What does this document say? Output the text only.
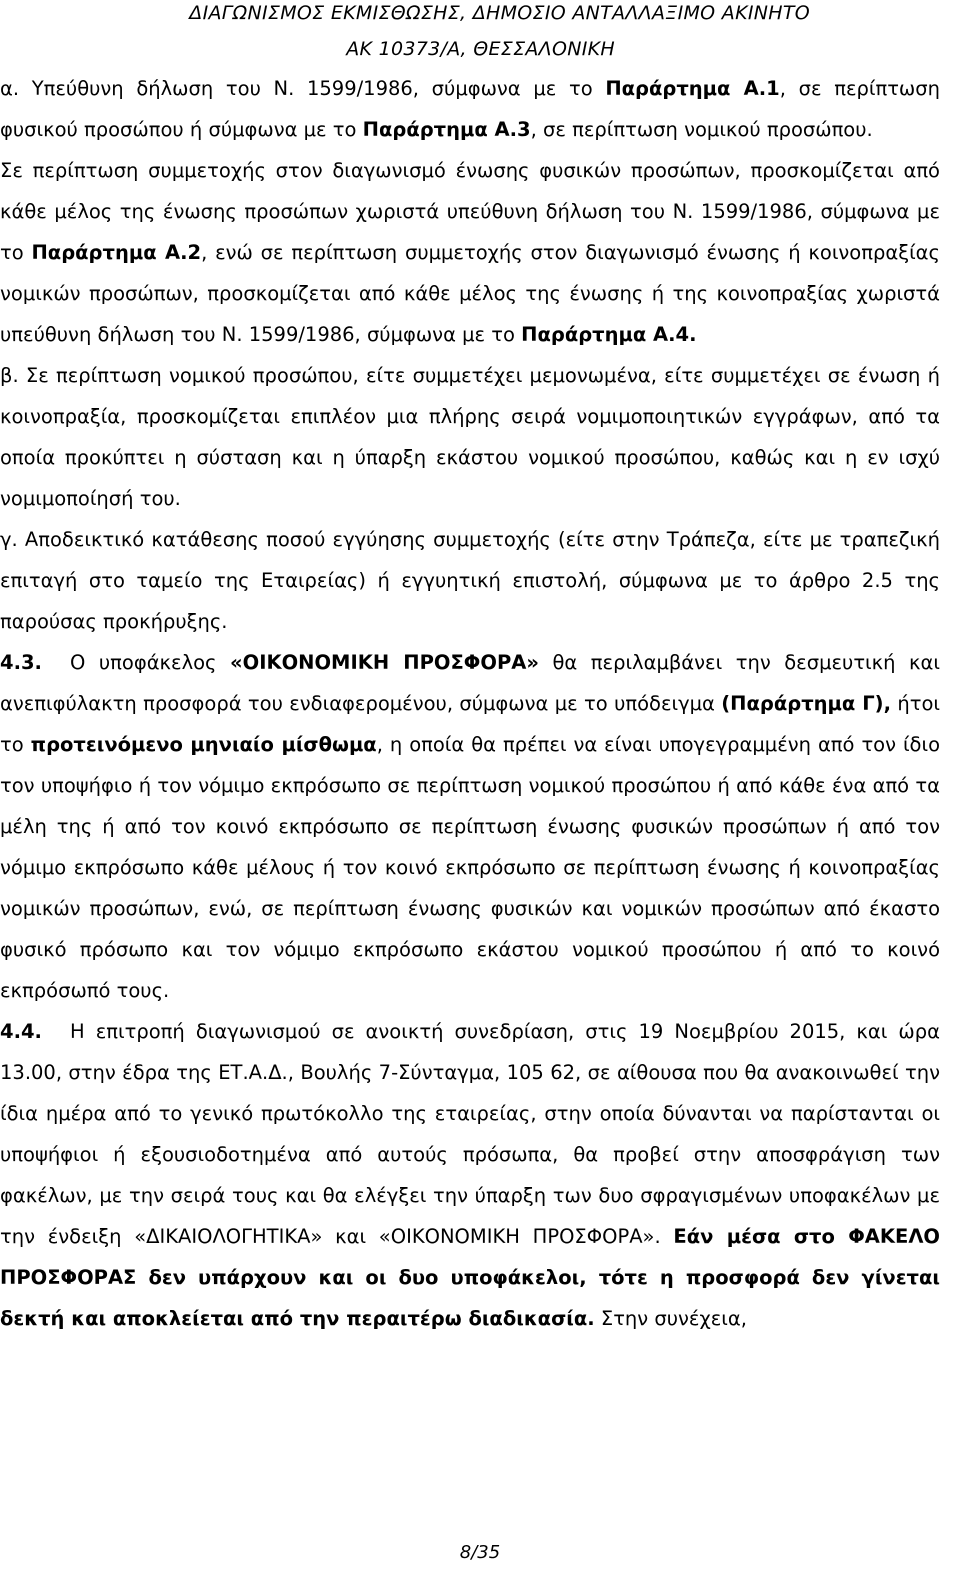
ΔΙΑΓΩΝΙΣΜΟΣ ΕΚΜΙΣΘΩΣΗΣ, ΔΗΜΟΣΙΟ ΑΝΤΑΛΛΑΞΙΜΟ ΑΚΙΝΗΤΟ
ΑΚ 10373/Α, ΘΕΣΣΑΛΟΝΙΚΗ

α. Υπεύθυνη δήλωση του Ν. 1599/1986, σύμφωνα με το Παράρτημα Α.1, σε περίπτωση φυσικού προσώπου ή σύμφωνα με το Παράρτημα Α.3, σε περίπτωση νομικού προσώπου.

Σε περίπτωση συμμετοχής στον διαγωνισμό ένωσης φυσικών προσώπων, προσκομίζεται από κάθε μέλος της ένωσης προσώπων χωριστά υπεύθυνη δήλωση του Ν. 1599/1986, σύμφωνα με το Παράρτημα Α.2, ενώ σε περίπτωση συμμετοχής στον διαγωνισμό ένωσης ή κοινοπραξίας νομικών προσώπων, προσκομίζεται από κάθε μέλος της ένωσης ή της κοινοπραξίας χωριστά υπεύθυνη δήλωση του Ν. 1599/1986, σύμφωνα με το Παράρτημα Α.4.

β. Σε περίπτωση νομικού προσώπου, είτε συμμετέχει μεμονωμένα, είτε συμμετέχει σε ένωση ή κοινοπραξία, προσκομίζεται επιπλέον μια πλήρης σειρά νομιμοποιητικών εγγράφων, από τα οποία προκύπτει η σύσταση και η ύπαρξη εκάστου νομικού προσώπου, καθώς και η εν ισχύ νομιμοποίησή του.

γ. Αποδεικτικό κατάθεσης ποσού εγγύησης συμμετοχής (είτε στην Τράπεζα, είτε με τραπεζική επιταγή στο ταμείο της Εταιρείας) ή εγγυητική επιστολή, σύμφωνα με το άρθρο 2.5 της παρούσας προκήρυξης.

4.3. Ο υποφάκελος «ΟΙΚΟΝΟΜΙΚΗ ΠΡΟΣΦΟΡΑ» θα περιλαμβάνει την δεσμευτική και ανεπιφύλακτη προσφορά του ενδιαφερομένου, σύμφωνα με το υπόδειγμα (Παράρτημα Γ), ήτοι το προτεινόμενο μηνιαίο μίσθωμα, η οποία θα πρέπει να είναι υπογεγραμμένη από τον ίδιο τον υποψήφιο ή τον νόμιμο εκπρόσωπο σε περίπτωση νομικού προσώπου ή από κάθε ένα από τα μέλη της ή από τον κοινό εκπρόσωπο σε περίπτωση ένωσης φυσικών προσώπων ή από τον νόμιμο εκπρόσωπο κάθε μέλους ή τον κοινό εκπρόσωπο σε περίπτωση ένωσης ή κοινοπραξίας νομικών προσώπων, ενώ, σε περίπτωση ένωσης φυσικών και νομικών προσώπων από έκαστο φυσικό πρόσωπο και τον νόμιμο εκπρόσωπο εκάστου νομικού προσώπου ή από το κοινό εκπρόσωπό τους.

4.4. Η επιτροπή διαγωνισμού σε ανοικτή συνεδρίαση, στις 19 Νοεμβρίου 2015, και ώρα 13.00, στην έδρα της ΕΤ.Α.Δ., Βουλής 7-Σύνταγμα, 105 62, σε αίθουσα που θα ανακοινωθεί την ίδια ημέρα από το γενικό πρωτόκολλο της εταιρείας, στην οποία δύνανται να παρίστανται οι υποψήφιοι ή εξουσιοδοτημένα από αυτούς πρόσωπα, θα προβεί στην αποσφράγιση των φακέλων, με την σειρά τους και θα ελέγξει την ύπαρξη των δυο σφραγισμένων υποφακέλων με την ένδειξη «ΔΙΚΑΙΟΛΟΓΗΤΙΚΑ» και «ΟΙΚΟΝΟΜΙΚΗ ΠΡΟΣΦΟΡΑ». Εάν μέσα στο ΦΑΚΕΛΟ ΠΡΟΣΦΟΡΑΣ δεν υπάρχουν και οι δυο υποφάκελοι, τότε η προσφορά δεν γίνεται δεκτή και αποκλείεται από την περαιτέρω διαδικασία. Στην συνέχεια,

8/35
